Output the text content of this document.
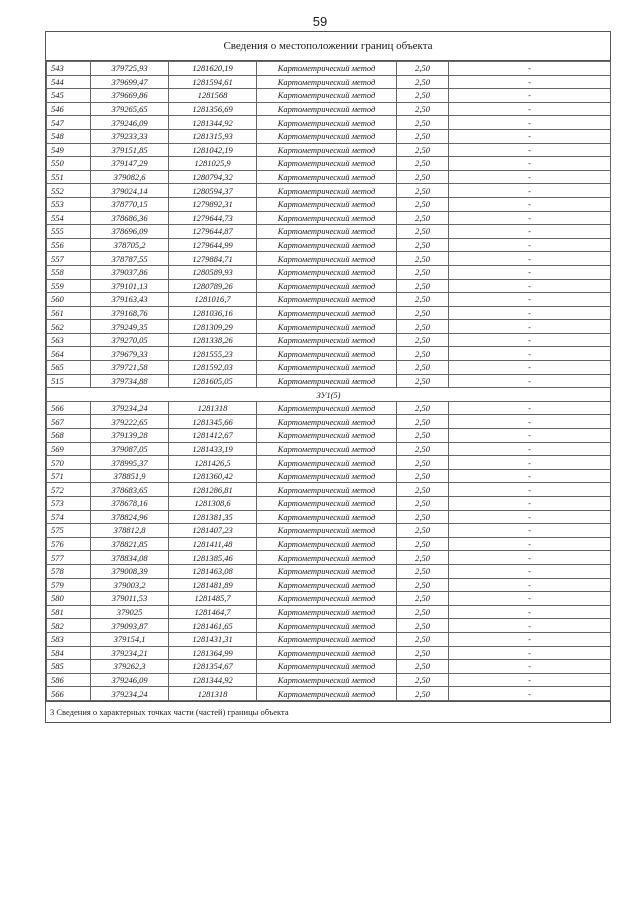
59
Сведения о местоположении границ объекта
543	379725,93	1281620,19	Картометрический метод	2,50	-
544	379699,47	1281594,61	Картометрический метод	2,50	-
545	379669,86	1281568	Картометрический метод	2,50	-
546	379265,65	1281356,69	Картометрический метод	2,50	-
547	379246,09	1281344,92	Картометрический метод	2,50	-
548	379233,33	1281315,93	Картометрический метод	2,50	-
549	379151,85	1281042,19	Картометрический метод	2,50	-
550	379147,29	1281025,9	Картометрический метод	2,50	-
551	379082,6	1280794,32	Картометрический метод	2,50	-
552	379024,14	1280594,37	Картометрический метод	2,50	-
553	378770,15	1279892,31	Картометрический метод	2,50	-
554	378686,36	1279644,73	Картометрический метод	2,50	-
555	378696,09	1279644,87	Картометрический метод	2,50	-
556	378705,2	1279644,99	Картометрический метод	2,50	-
557	378787,55	1279884,71	Картометрический метод	2,50	-
558	379037,86	1280589,93	Картометрический метод	2,50	-
559	379101,13	1280789,26	Картометрический метод	2,50	-
560	379163,43	1281016,7	Картометрический метод	2,50	-
561	379168,76	1281036,16	Картометрический метод	2,50	-
562	379249,35	1281309,29	Картометрический метод	2,50	-
563	379270,05	1281338,26	Картометрический метод	2,50	-
564	379679,33	1281555,23	Картометрический метод	2,50	-
565	379721,58	1281592,03	Картометрический метод	2,50	-
515	379734,88	1281605,05	Картометрический метод	2,50	-
ЗУ1(5)					
566	379234,24	1281318	Картометрический метод	2,50	-
567	379222,65	1281345,66	Картометрический метод	2,50	-
568	379139,28	1281412,67	Картометрический метод	2,50	-
569	379087,05	1281433,19	Картометрический метод	2,50	-
570	378995,37	1281426,5	Картометрический метод	2,50	-
571	378851,9	1281360,42	Картометрический метод	2,50	-
572	378683,65	1281286,81	Картометрический метод	2,50	-
573	378678,16	1281308,6	Картометрический метод	2,50	-
574	378824,96	1281381,35	Картометрический метод	2,50	-
575	378812,8	1281407,23	Картометрический метод	2,50	-
576	378821,85	1281411,48	Картометрический метод	2,50	-
577	378834,08	1281385,46	Картометрический метод	2,50	-
578	379008,39	1281463,08	Картометрический метод	2,50	-
579	379003,2	1281481,89	Картометрический метод	2,50	-
580	379011,53	1281485,7	Картометрический метод	2,50	-
581	379025	1281464,7	Картометрический метод	2,50	-
582	379093,87	1281461,65	Картометрический метод	2,50	-
583	379154,1	1281431,31	Картометрический метод	2,50	-
584	379234,21	1281364,99	Картометрический метод	2,50	-
585	379262,3	1281354,67	Картометрический метод	2,50	-
586	379246,09	1281344,92	Картометрический метод	2,50	-
566	379234,24	1281318	Картометрический метод	2,50	-
3 Сведения о характерных точках части (частей) границы объекта
